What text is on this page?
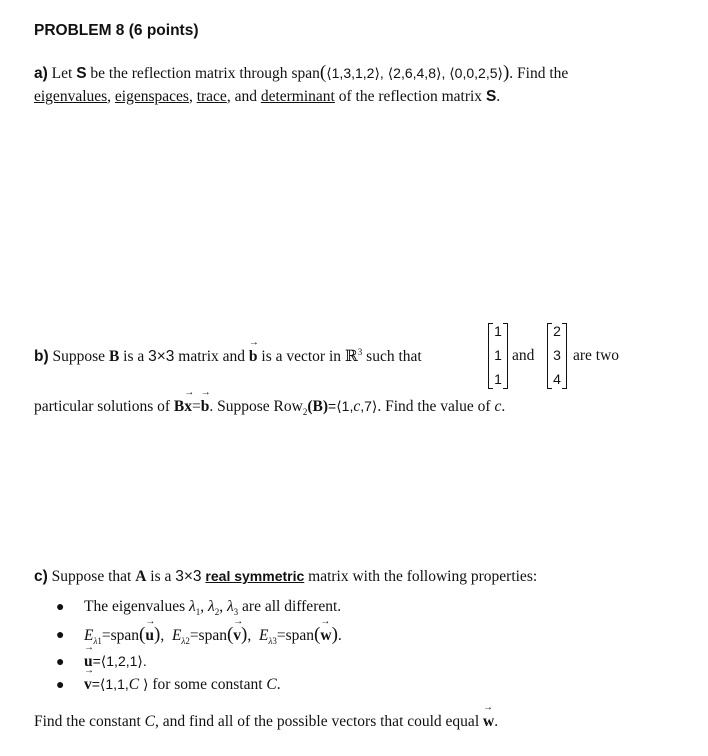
PROBLEM 8 (6 points)
a) Let S be the reflection matrix through span(⟨1,3,1,2⟩, ⟨2,6,4,8⟩, ⟨0,0,2,5⟩). Find the
eigenvalues, eigenspaces, trace, and determinant of the reflection matrix S.
b) Suppose B is a 3×3 matrix and → b is a vector in ℝ$^3$ such that
1
1
1
and
2
3
4
are two
particular solutions of B→ x=→ b. Suppose Row$_2$(B)=⟨1,c,7⟩. Find the value of c.
c) Suppose that A is a 3×3 real symmetric matrix with the following properties:
● The eigenvalues $\lambda_1$, $\lambda_2$, $\lambda_3$ are all different.
● $E_{\lambda 1}=span(\to u)$, $E_{\lambda 2}=span(\to v)$, $E_{\lambda 3}=span(\to w)$.
● → u=⟨1,2,1⟩.
● → v=⟨1,1,C ⟩ for some constant C.
Find the constant C, and find all of the possible vectors that could equal → w.
